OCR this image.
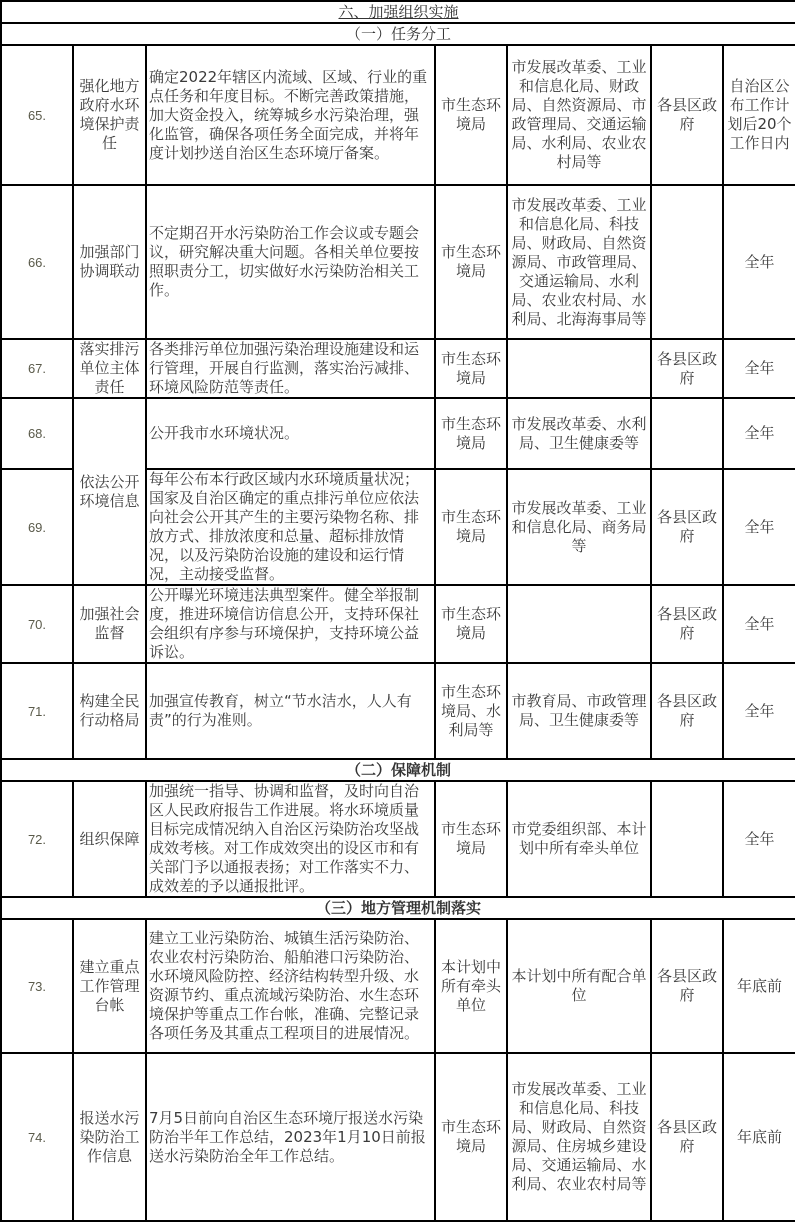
六、加强组织实施						
（一）任务分工						
65.	强化地方政府水环境保护责任	确定2022年辖区内流域、区域、行业的重点任务和年度目标。不断完善政策措施，加大资金投入，统筹城乡水污染治理，强化监管，确保各项任务全面完成，并将年度计划抄送自治区生态环境厅备案。	市生态环境局	市发展改革委、工业和信息化局、财政局、自然资源局、市政管理局、交通运输局、水利局、农业农村局等	各县区政府	自治区公布工作计划后20个工作日内
66.	加强部门协调联动	不定期召开水污染防治工作会议或专题会议，研究解决重大问题。各相关单位要按照职责分工，切实做好水污染防治相关工作。	市生态环境局	市发展改革委、工业和信息化局、科技局、财政局、自然资源局、市政管理局、交通运输局、水利局、农业农村局、水利局、北海海事局等		全年
67.	落实排污单位主体责任	各类排污单位加强污染治理设施建设和运行管理，开展自行监测，落实治污减排、环境风险防范等责任。	市生态环境局		各县区政府	全年
68.	依法公开环境信息	公开我市水环境状况。	市生态环境局	市发展改革委、水利局、卫生健康委等		全年
69.		每年公布本行政区域内水环境质量状况；国家及自治区确定的重点排污单位应依法向社会公开其产生的主要污染物名称、排放方式、排放浓度和总量、超标排放情况，以及污染防治设施的建设和运行情况，主动接受监督。	市生态环境局	市发展改革委、工业和信息化局、商务局等	各县区政府	全年
70.	加强社会监督	公开曝光环境违法典型案件。健全举报制度，推进环境信访信息公开，支持环保社会组织有序参与环境保护，支持环境公益诉讼。	市生态环境局		各县区政府	全年
71.	构建全民行动格局	加强宣传教育，树立“节水洁水，人人有责”的行为准则。	市生态环境局、水利局等	市教育局、市政管理局、卫生健康委等	各县区政府	全年
（二）保障机制						
72.	组织保障	加强统一指导、协调和监督，及时向自治区人民政府报告工作进展。将水环境质量目标完成情况纳入自治区污染防治攻坚战成效考核。对工作成效突出的设区市和有关部门予以通报表扬；对工作落实不力、成效差的予以通报批评。	市生态环境局	市党委组织部、本计划中所有牵头单位		全年
（三）地方管理机制落实						
73.	建立重点工作管理台帐	建立工业污染防治、城镇生活污染防治、农业农村污染防治、船舶港口污染防治、水环境风险防控、经济结构转型升级、水资源节约、重点流域污染防治、水生态环境保护等重点工作台帐，准确、完整记录各项任务及其重点工程项目的进展情况。	本计划中所有牵头单位	本计划中所有配合单位	各县区政府	年底前
74.	报送水污染防治工作信息	7月5日前向自治区生态环境厅报送水污染防治半年工作总结，2023年1月10日前报送水污染防治全年工作总结。	市生态环境局	市发展改革委、工业和信息化局、科技局、财政局、自然资源局、住房城乡建设局、交通运输局、水利局、农业农村局等	各县区政府	年底前
